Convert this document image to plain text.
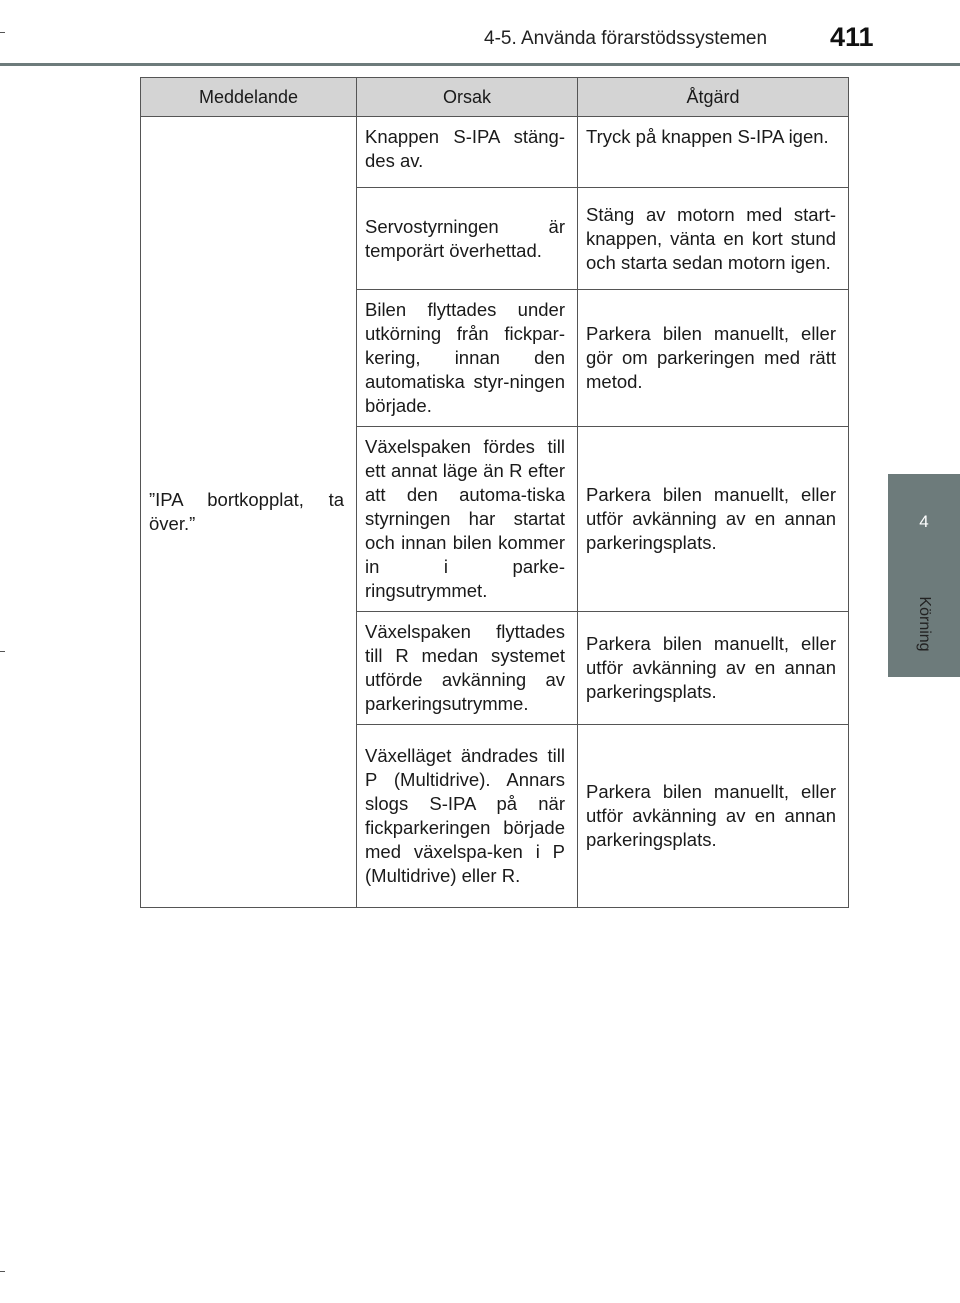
4-5. Använda förarstödssystemen 411
4
Körning
Meddelande	Orsak	Åtgärd
”IPA bortkopplat, ta över.”	Knappen S-IPA stäng-des av.	Tryck på knappen S-IPA igen.
	Servostyrningen är temporärt överhettad.	Stäng av motorn med start-knappen, vänta en kort stund och starta sedan motorn igen.
	Bilen flyttades under utkörning från fickpar-kering, innan den automatiska styr-ningen började.	Parkera bilen manuellt, eller gör om parkeringen med rätt metod.
	Växelspaken fördes till ett annat läge än R efter att den automa-tiska styrningen har startat och innan bilen kommer in i parke-ringsutrymmet.	Parkera bilen manuellt, eller utför avkänning av en annan parkeringsplats.
	Växelspaken flyttades till R medan systemet utförde avkänning av parkeringsutrymme.	Parkera bilen manuellt, eller utför avkänning av en annan parkeringsplats.
	Växelläget ändrades till P (Multidrive). Annars slogs S-IPA på när fickparkeringen började med växelspa-ken i P (Multidrive) eller R.	Parkera bilen manuellt, eller utför avkänning av en annan parkeringsplats.
